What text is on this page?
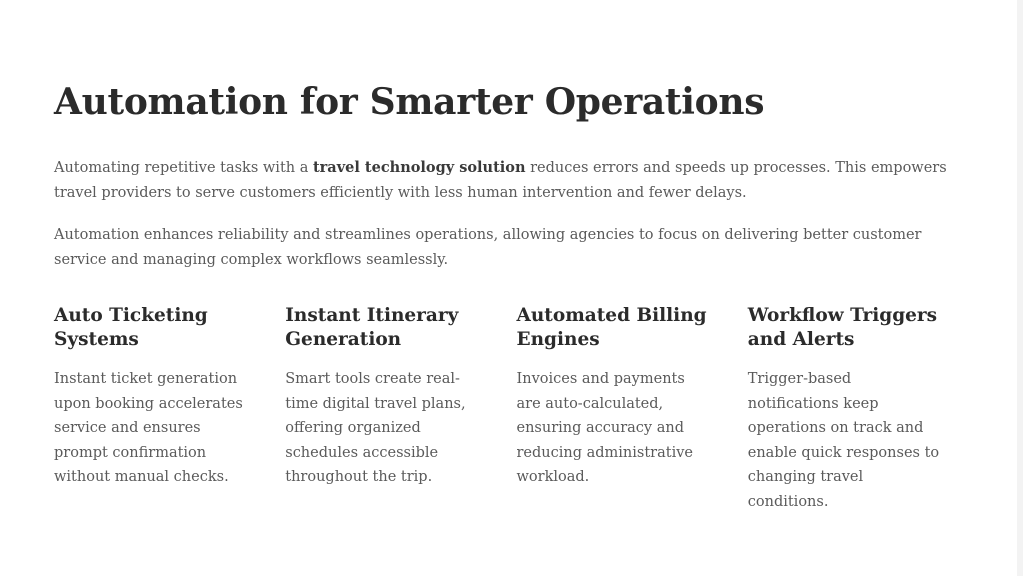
Automation for Smarter Operations

Automating repetitive tasks with a travel technology solution reduces errors and speeds up processes. This empowers travel providers to serve customers efficiently with less human intervention and fewer delays.

Automation enhances reliability and streamlines operations, allowing agencies to focus on delivering better customer service and managing complex workflows seamlessly.

Auto Ticketing Systems

Instant ticket generation upon booking accelerates service and ensures prompt confirmation without manual checks.

Instant Itinerary Generation

Smart tools create real-time digital travel plans, offering organized schedules accessible throughout the trip.

Automated Billing Engines

Invoices and payments are auto-calculated, ensuring accuracy and reducing administrative workload.

Workflow Triggers and Alerts

Trigger-based notifications keep operations on track and enable quick responses to changing travel conditions.
